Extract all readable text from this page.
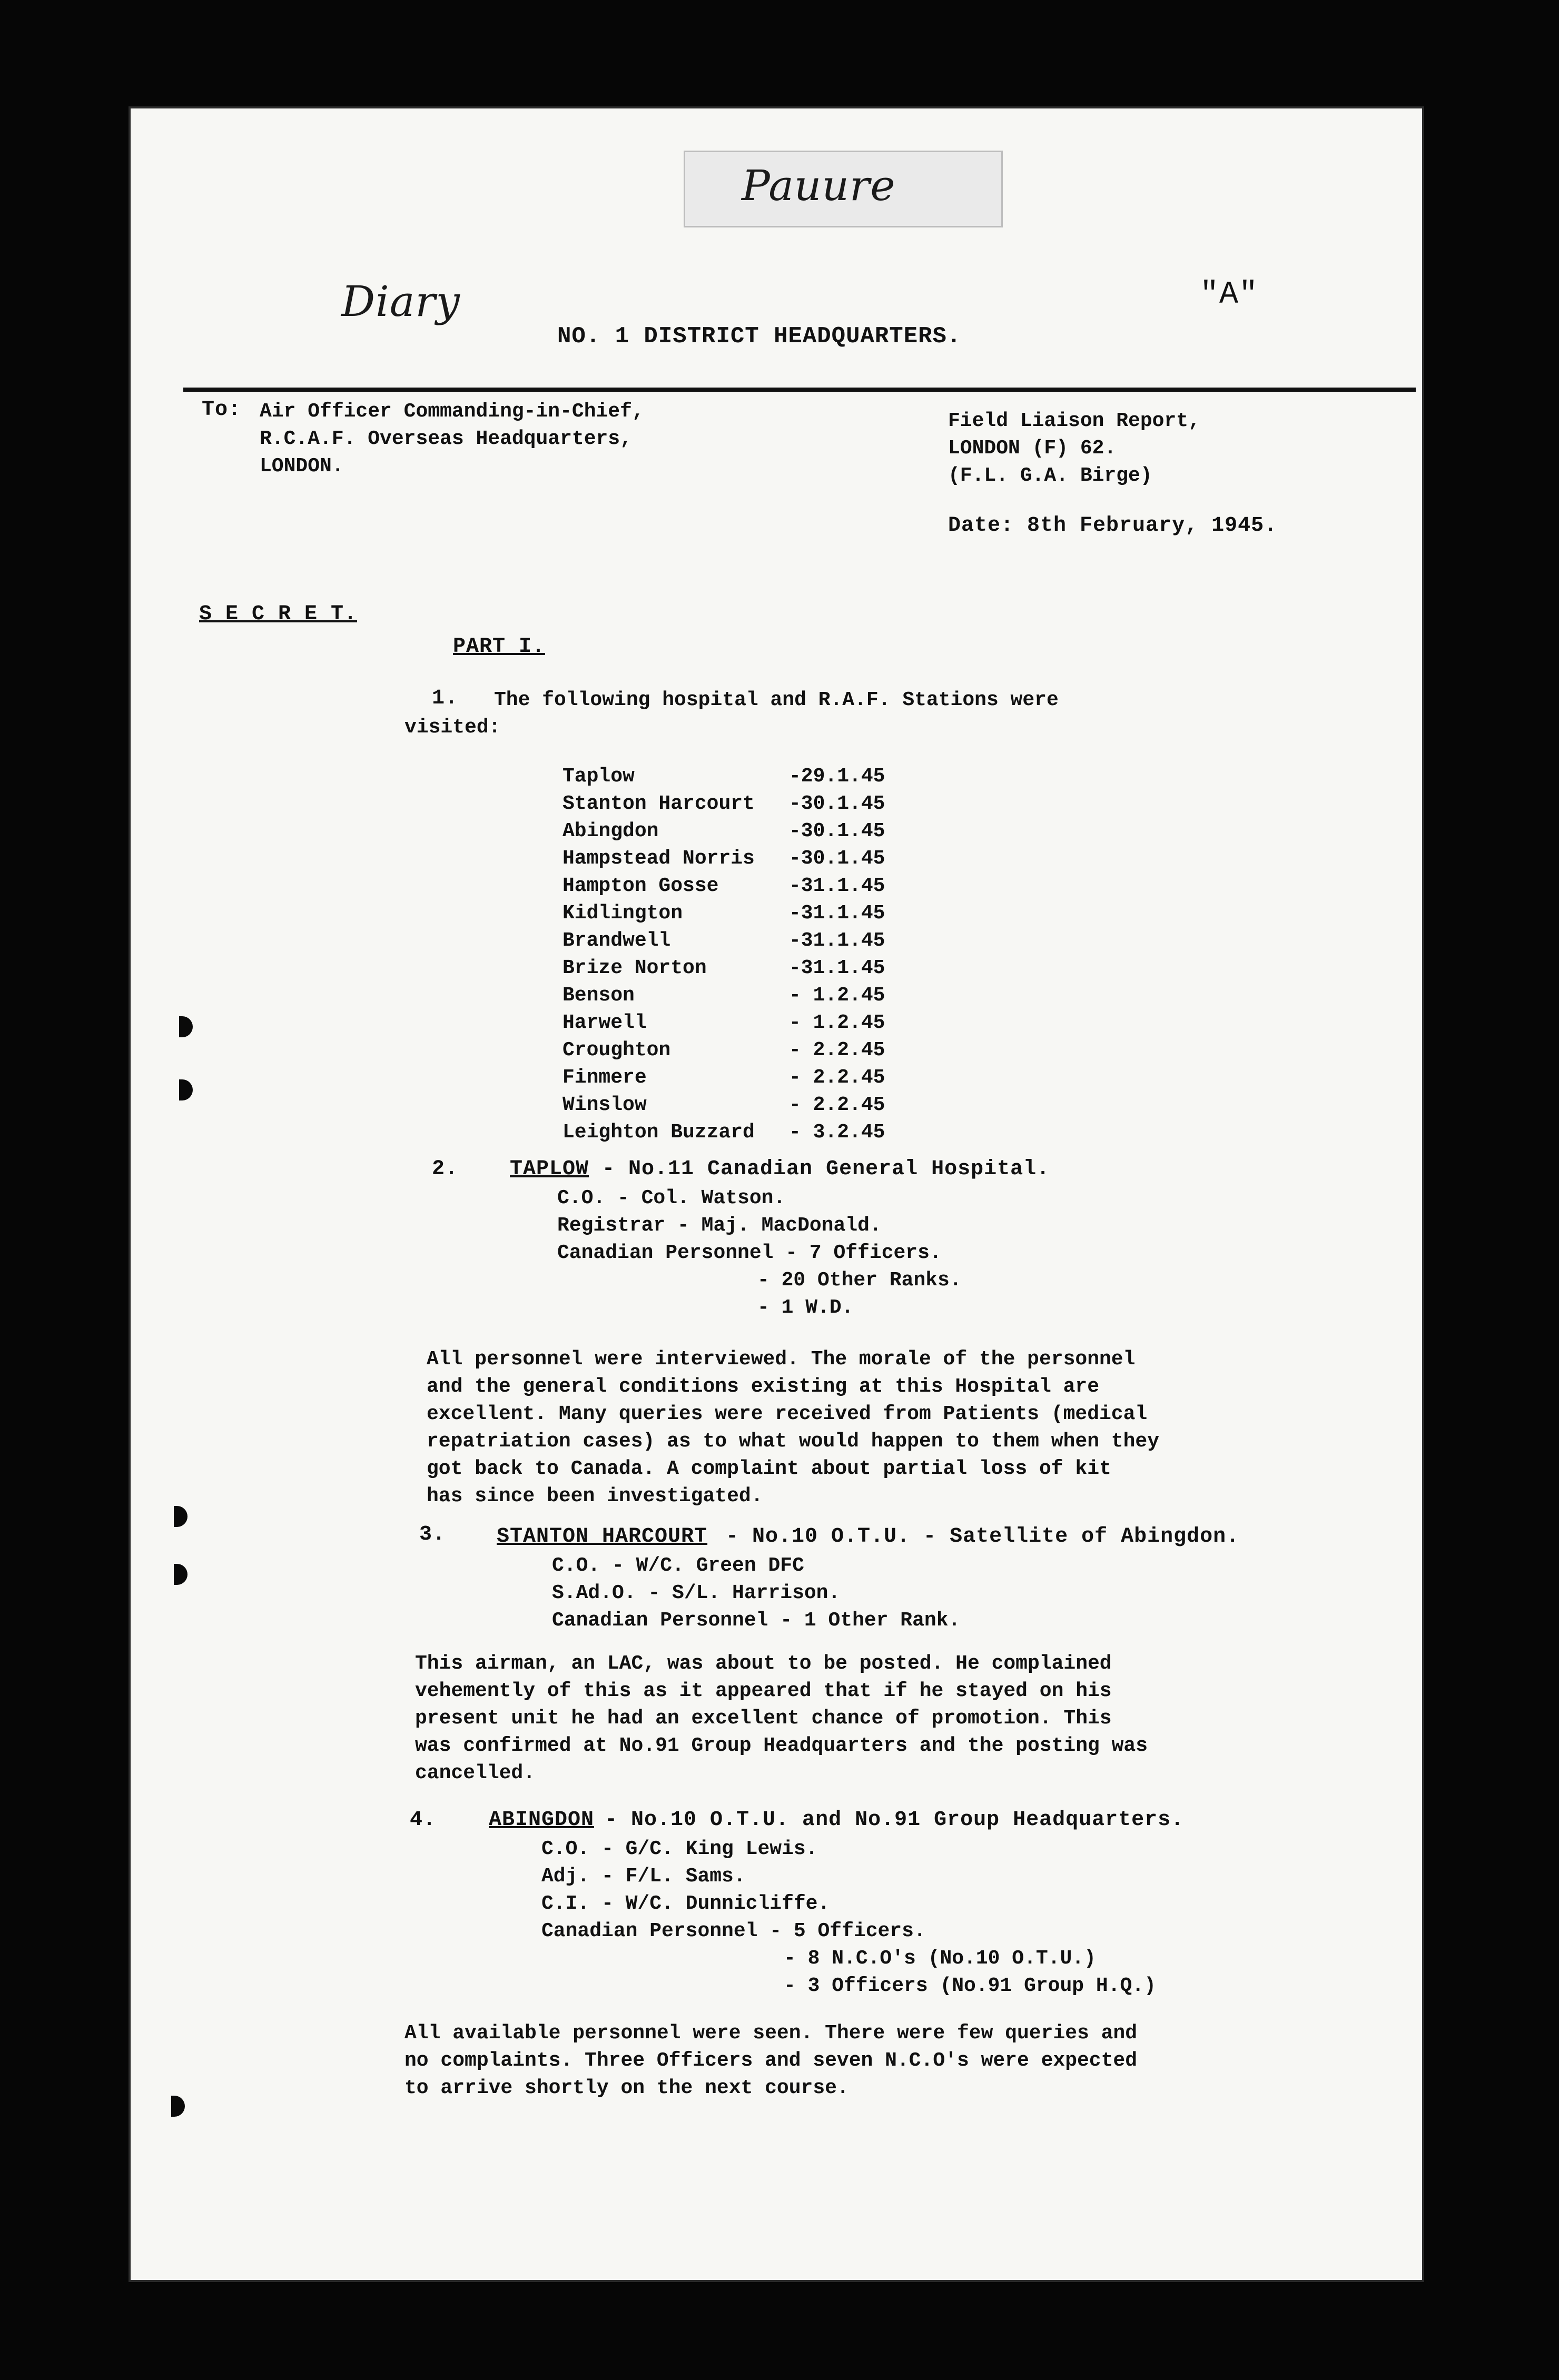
Pauure
Diary	"A"
NO. 1 DISTRICT HEADQUARTERS.
To: Air Officer Commanding-in-Chief,
R.C.A.F. Overseas Headquarters,
LONDON.
Field Liaison Report,
LONDON (F) 62.
(F.L. G.A. Birge)
Date: 8th February, 1945.
S E C R E T.
PART I.
1.	The following hospital and R.A.F. Stations were
visited:
Taplow	-29.1.45
Stanton Harcourt -30.1.45
Abingdon	-30.1.45
Hampstead Norris -30.1.45
Hampton Gosse	-31.1.45
Kidlington	-31.1.45
Brandwell	-31.1.45
Brize Norton	-31.1.45
Benson	- 1.2.45
Harwell	- 1.2.45
Croughton	- 2.2.45
Finmere	- 2.2.45
Winslow	- 2.2.45
Leighton Buzzard - 3.2.45
2. TAPLOW - No.11 Canadian General Hospital.
C.O. - Col. Watson.
Registrar - Maj. MacDonald.
Canadian Personnel - 7 Officers.
- 20 Other Ranks.
- 1 W.D.
All personnel were interviewed. The morale of the personnel
and the general conditions existing at this Hospital are
excellent. Many queries were received from Patients (medical
repatriation cases) as to what would happen to them when they
got back to Canada. A complaint about partial loss of kit
has since been investigated.
3. STANTON HARCOURT - No.10 O.T.U. - Satellite of Abingdon.
C.O. - W/C. Green DFC
S.Ad.O. - S/L. Harrison.
Canadian Personnel - 1 Other Rank.
This airman, an LAC, was about to be posted. He complained
vehemently of this as it appeared that if he stayed on his
present unit he had an excellent chance of promotion. This
was confirmed at No.91 Group Headquarters and the posting was
cancelled.
4. ABINGDON - No.10 O.T.U. and No.91 Group Headquarters.
C.O. - G/C. King Lewis.
Adj. - F/L. Sams.
C.I. - W/C. Dunnicliffe.
Canadian Personnel - 5 Officers.
- 8 N.C.O's (No.10 O.T.U.)
- 3 Officers (No.91 Group H.Q.)
All available personnel were seen. There were few queries and
no complaints. Three Officers and seven N.C.O's were expected
to arrive shortly on the next course.
